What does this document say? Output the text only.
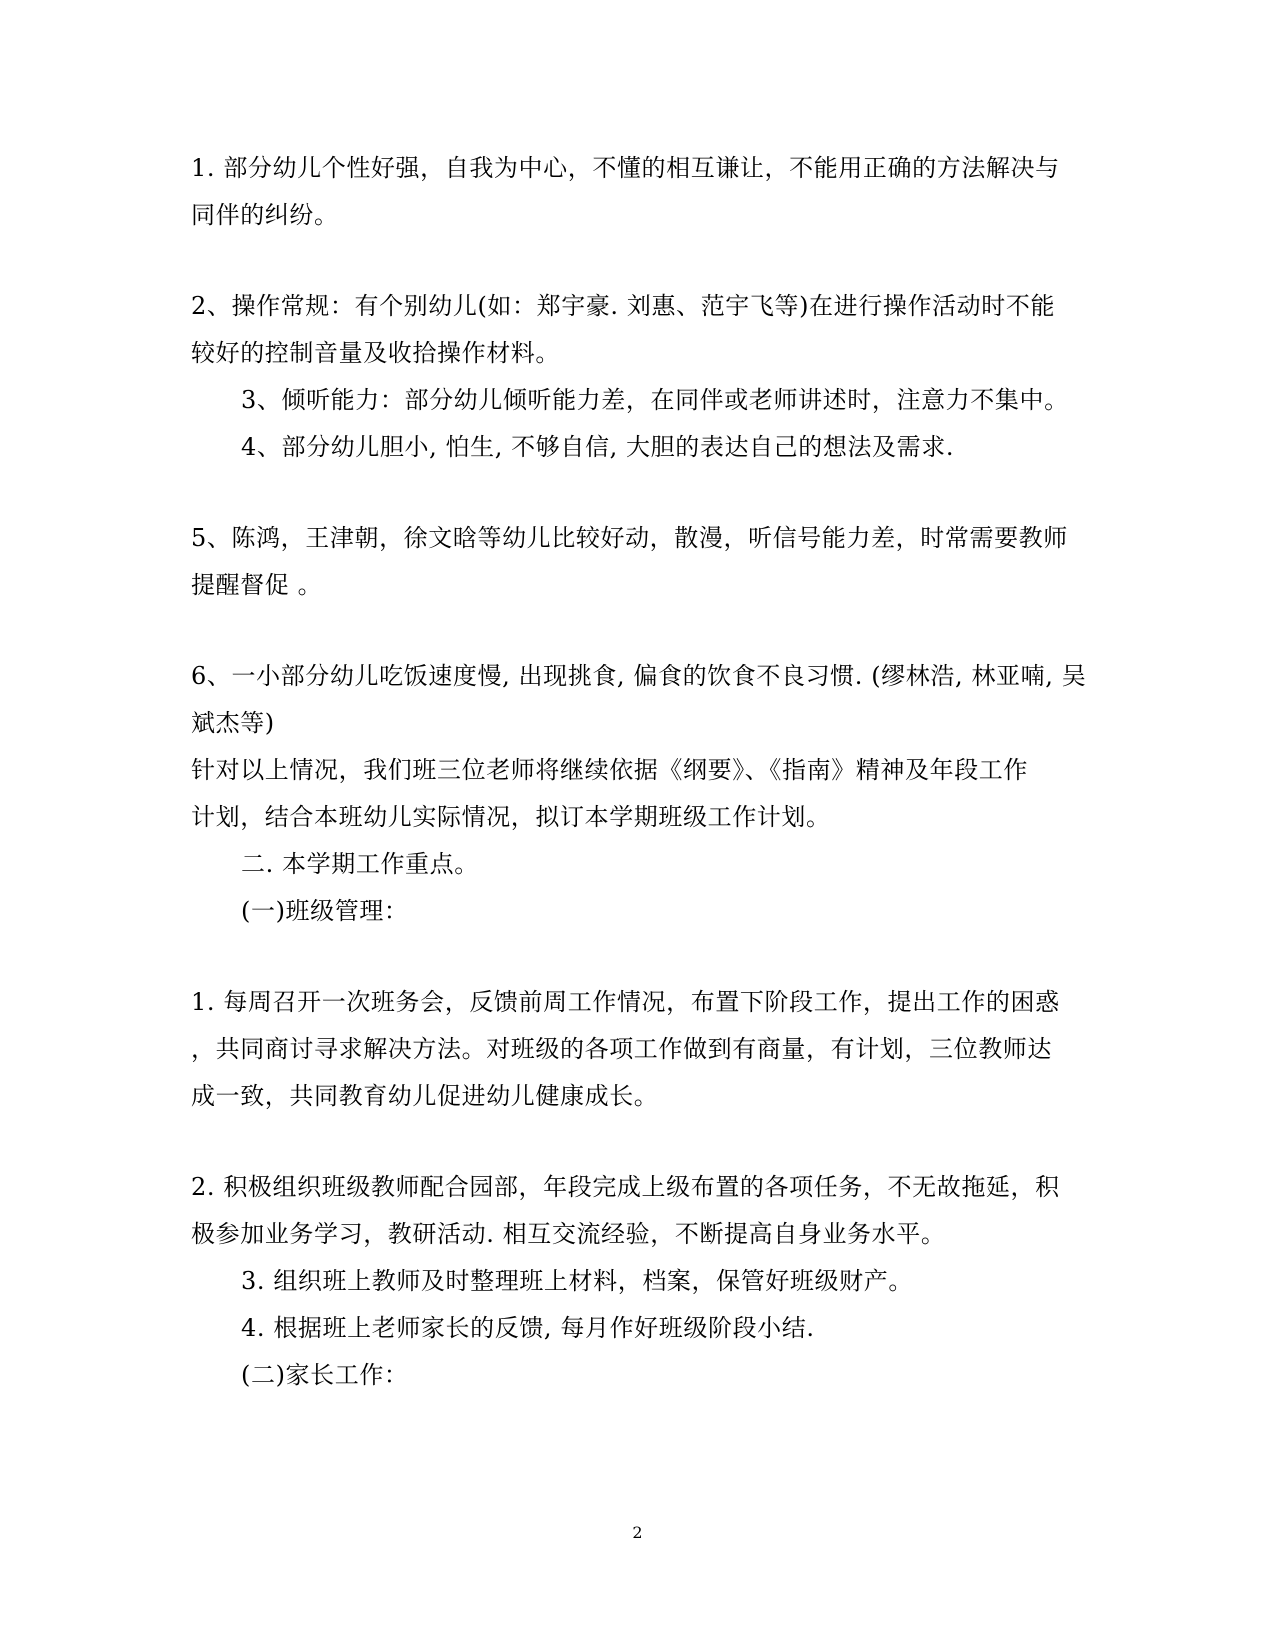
1. 部分幼儿个性好强，自我为中心，不懂的相互谦让，不能用正确的方法解决与
同伴的纠纷。
2、操作常规：有个别幼儿(如：郑宇豪. 刘惠、范宇飞等)在进行操作活动时不能
较好的控制音量及收拾操作材料。
3、倾听能力：部分幼儿倾听能力差，在同伴或老师讲述时，注意力不集中。
4、部分幼儿胆小, 怕生, 不够自信, 大胆的表达自己的想法及需求.
5、陈鸿，王津朝，徐文晗等幼儿比较好动，散漫，听信号能力差，时常需要教师
提醒督促 。
6、一小部分幼儿吃饭速度慢, 出现挑食, 偏食的饮食不良习惯. (缪林浩, 林亚喃, 吴
斌杰等)
针对以上情况，我们班三位老师将继续依据《纲要》、《指南》精神及年段工作
计划，结合本班幼儿实际情况，拟订本学期班级工作计划。
二. 本学期工作重点。
(一)班级管理：
1. 每周召开一次班务会，反馈前周工作情况，布置下阶段工作，提出工作的困惑
，共同商讨寻求解决方法。对班级的各项工作做到有商量，有计划，三位教师达
成一致，共同教育幼儿促进幼儿健康成长。
2. 积极组织班级教师配合园部，年段完成上级布置的各项任务，不无故拖延，积
极参加业务学习，教研活动. 相互交流经验，不断提高自身业务水平。
3. 组织班上教师及时整理班上材料，档案，保管好班级财产。
4. 根据班上老师家长的反馈, 每月作好班级阶段小结.
(二)家长工作：
2
